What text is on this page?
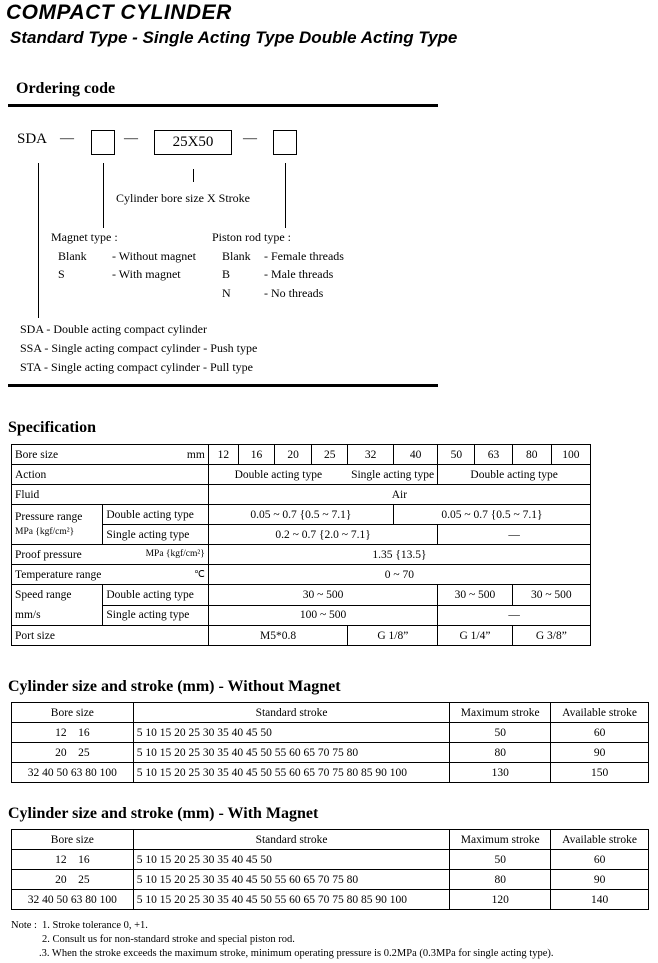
COMPACT CYLINDER
Standard Type - Single Acting Type Double Acting Type
Ordering code
SDA —	—	25X50	—
Cylinder bore size X Stroke
Magnet type :
Blank - Without magnet
S	- With magnet
Piston rod type :
Blank - Female threads
B	- Male threads
N	- No threads
SDA - Double acting compact cylinder
SSA - Single acting compact cylinder - Push type
STA - Single acting compact cylinder - Pull type
Specification
Bore size mm		12	16	20	25	32	40	50	63	80	100
Action		Double acting type				Single acting type		Double acting type			
Fluid		Air									

Pressure range
MPa {kgf/cm²}	Double acting type	0.05 ~ 0.7 {0.5 ~ 7.1}					0.05 ~ 0.7 {0.5 ~ 7.1}				
	Single acting type	0.2 ~ 0.7 {2.0 ~ 7.1}						—			
Proof pressure MPa {kgf/cm²}		1.35 {13.5}									
Temperature range ℃		0 ~ 70									

Speed range
mm/s	Double acting type	30 ~ 500						30 ~ 500		30 ~ 500	
	Single acting type	100 ~ 500						—			
Port size		M5*0.8				G 1/8”		G 1/4”		G 3/8”	
Cylinder size and stroke (mm) - Without Magnet
Bore size	Standard stroke	Maximum stroke	Available stroke
12    16	5 10 15 20 25 30 35 40 45 50	50	60
20    25	5 10 15 20 25 30 35 40 45 50 55 60 65 70 75 80	80	90
32 40 50 63 80 100	5 10 15 20 25 30 35 40 45 50 55 60 65 70 75 80 85 90 100	130	150
Cylinder size and stroke (mm) - With Magnet
Bore size	Standard stroke	Maximum stroke	Available stroke
12    16	5 10 15 20 25 30 35 40 45 50	50	60
20    25	5 10 15 20 25 30 35 40 45 50 55 60 65 70 75 80	80	90
32 40 50 63 80 100	5 10 15 20 25 30 35 40 45 50 55 60 65 70 75 80 85 90 100	120	140
Note : 1. Stroke tolerance 0, +1.
2. Consult us for non-standard stroke and special piston rod.
.3. When the stroke exceeds the maximum stroke, minimum operating pressure is 0.2MPa (0.3MPa for single acting type).
